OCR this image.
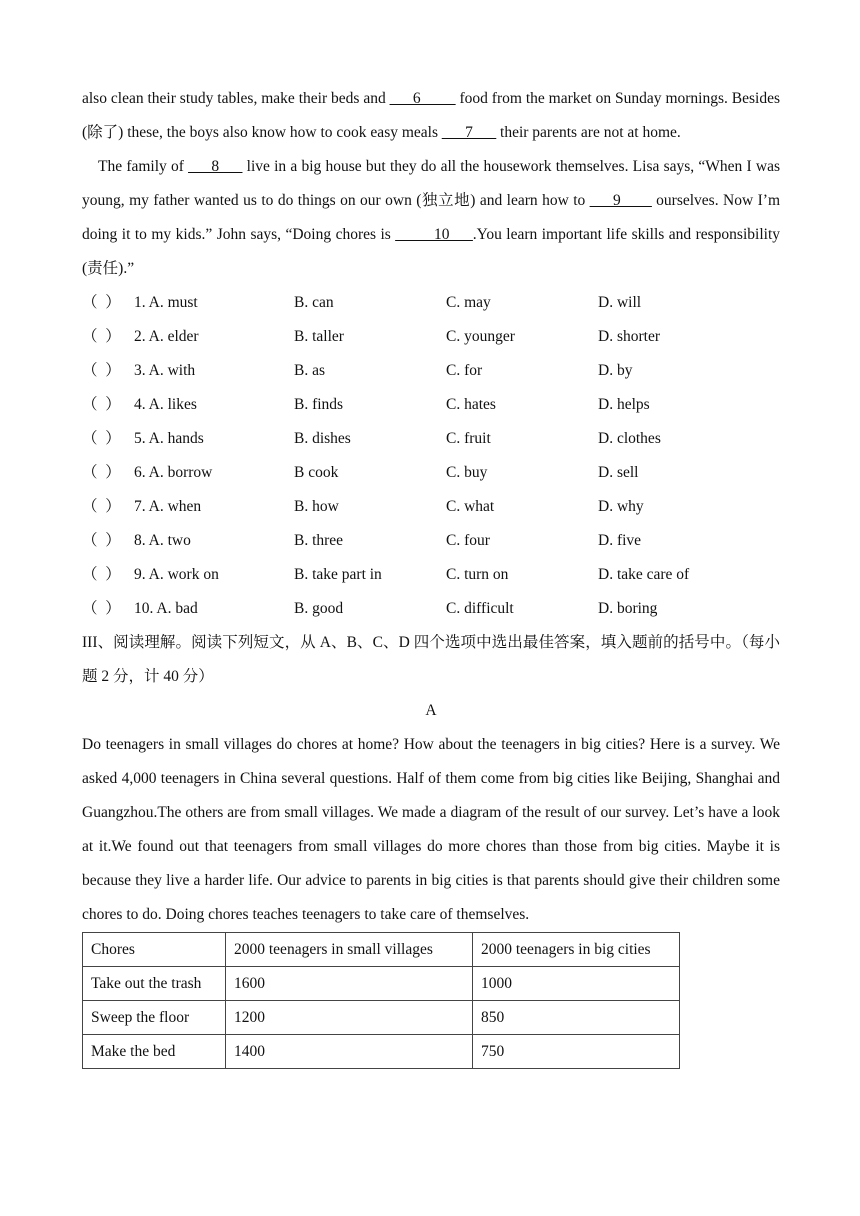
also clean their study tables, make their beds and ___6__ __ food from the market on Sunday mornings. Besides (除了) these, the boys also know how to cook easy meals ___7___ their parents are not at home.

The family of ___8___ live in a big house but they do all the housework themselves. Lisa says, “When I was young, my father wanted us to do things on our own (独立地) and learn how to ___9____ ourselves. Now I’m doing it to my kids.” John says, “Doing chores is _____10___.You learn important life skills and responsibility (责任).”

（  ） 1. A. must	B. can	C. may	D. will
（  ） 2. A. elder	B. taller	C. younger	D. shorter
（  ） 3. A. with	B. as	C. for	D. by
（  ） 4. A. likes	B. finds	C. hates	D. helps
（  ） 5. A. hands	B. dishes	C. fruit	D. clothes
（  ） 6. A. borrow	B cook	C. buy	D. sell
（  ） 7. A. when	B. how	C. what	D. why
（  ） 8. A. two	B. three	C. four	D. five
（  ） 9. A. work on	B. take part in	C. turn on	D. take care of
（  ） 10. A. bad	B. good	C. difficult	D. boring

III、阅读理解。阅读下列短文，从 A、B、C、D 四个选项中选出最佳答案，填入题前的括号中。（每小题 2 分，计 40 分）

A

Do teenagers in small villages do chores at home? How about the teenagers in big cities? Here is a survey. We asked 4,000 teenagers in China several questions. Half of them come from big cities like Beijing, Shanghai and Guangzhou.The others are from small villages. We made a diagram of the result of our survey. Let’s have a look at it.We found out that teenagers from small villages do more chores than those from big cities. Maybe it is because they live a harder life. Our advice to parents in big cities is that parents should give their children some chores to do. Doing chores teaches teenagers to take care of themselves.

Chores	2000 teenagers in small villages	2000 teenagers in big cities
Take out the trash	1600	1000
Sweep the floor	1200	850
Make the bed	1400	750
